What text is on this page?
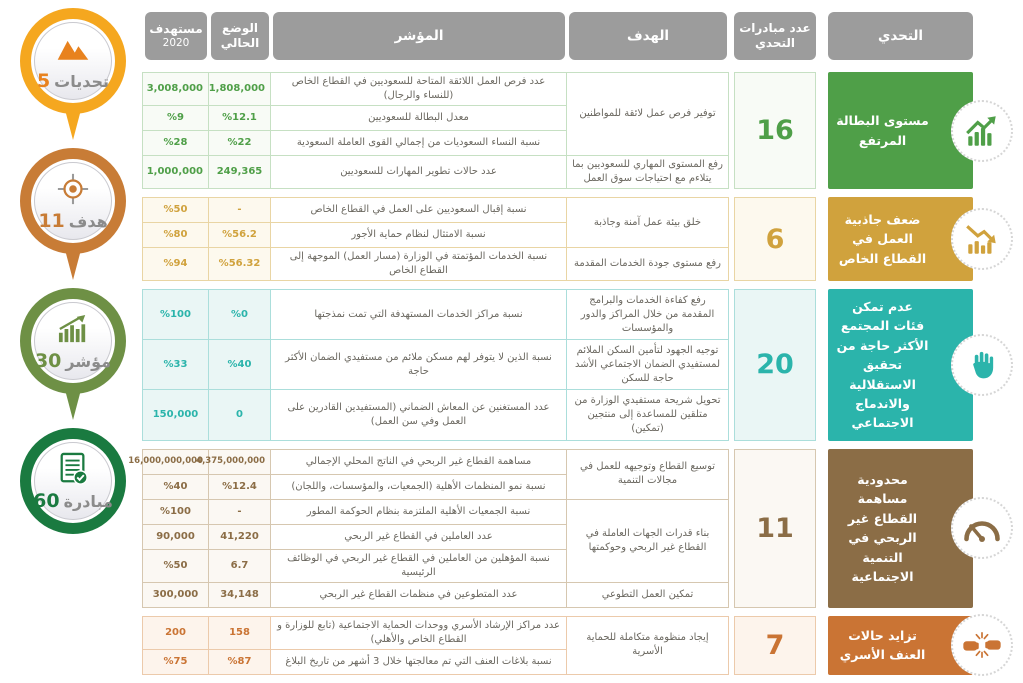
5 تحديات
11 هدف
30 مؤشر
60 مبادرة
التحدي
عدد مبادرات التحدي
الهدف
المؤشر
الوضع الحالي
مستهدف
2020
مستوى البطالة المرتفع
16
توفير فرص عمل لائقة للمواطنين	عدد فرص العمل اللائقة المتاحة للسعوديين في القطاع الخاص (للنساء والرجال)	1,808,000	3,008,000
	معدل البطالة للسعوديين	%12.1	%9
	نسبة النساء السعوديات من إجمالي القوى العاملة السعودية	%22	%28
رفع المستوى المهاري للسعوديين بما يتلاءم مع احتياجات سوق العمل	عدد حالات تطوير المهارات للسعوديين	249,365	1,000,000
ضعف جاذبية العمل في القطاع الخاص
6
خلق بيئة عمل آمنة وجاذبة	نسبة إقبال السعوديين على العمل في القطاع الخاص	-	%50
	نسبة الامتثال لنظام حماية الأجور	%56.2	%80
رفع مستوى جودة الخدمات المقدمة	نسبة الخدمات المؤتمتة في الوزارة (مسار العمل) الموجهة إلى القطاع الخاص	%56.32	%94
عدم تمكن فئات المجتمع الأكثر حاجة من تحقيق الاستقلالية والاندماج الاجتماعي
20
رفع كفاءة الخدمات والبرامج المقدمة من خلال المراكز والدور والمؤسسات	نسبة مراكز الخدمات المستهدفة التي تمت نمذجتها	%0	%100
توجيه الجهود لتأمين السكن الملائم لمستفيدي الضمان الاجتماعي الأشد حاجة للسكن	نسبة الذين لا يتوفر لهم مسكن ملائم من مستفيدي الضمان الأكثر حاجة	%40	%33
تحويل شريحة مستفيدي الوزارة من متلقين للمساعدة إلى منتجين (تمكين)	عدد المستغنين عن المعاش الضماني (المستفيدين القادرين على العمل وفي سن العمل)	0	150,000
محدودية مساهمة القطاع غير الربحي في التنمية الاجتماعية
11
توسيع القطاع وتوجيهه للعمل في مجالات التنمية	مساهمة القطاع غير الربحي في الناتج المحلي الإجمالي	4,375,000,000	16,000,000,000
	نسبة نمو المنظمات الأهلية (الجمعيات، والمؤسسات، واللجان)	%12.4	%40
بناء قدرات الجهات العاملة في القطاع غير الربحي وحوكمتها	نسبة الجمعيات الأهلية الملتزمة بنظام الحوكمة المطور	-	%100
	عدد العاملين في القطاع غير الربحي	41,220	90,000
	نسبة المؤهلين من العاملين في القطاع غير الربحي في الوظائف الرئيسية	6.7	%50
تمكين العمل التطوعي	عدد المتطوعين في منظمات القطاع غير الربحي	34,148	300,000
تزايد حالات العنف الأسري
7
إيجاد منظومة متكاملة للحماية الأسرية	عدد مراكز الإرشاد الأسري ووحدات الحماية الاجتماعية (تابع للوزارة و القطاع الخاص والأهلي)	158	200
	نسبة بلاغات العنف التي تم معالجتها خلال 3 أشهر من تاريخ البلاغ	%87	%75
